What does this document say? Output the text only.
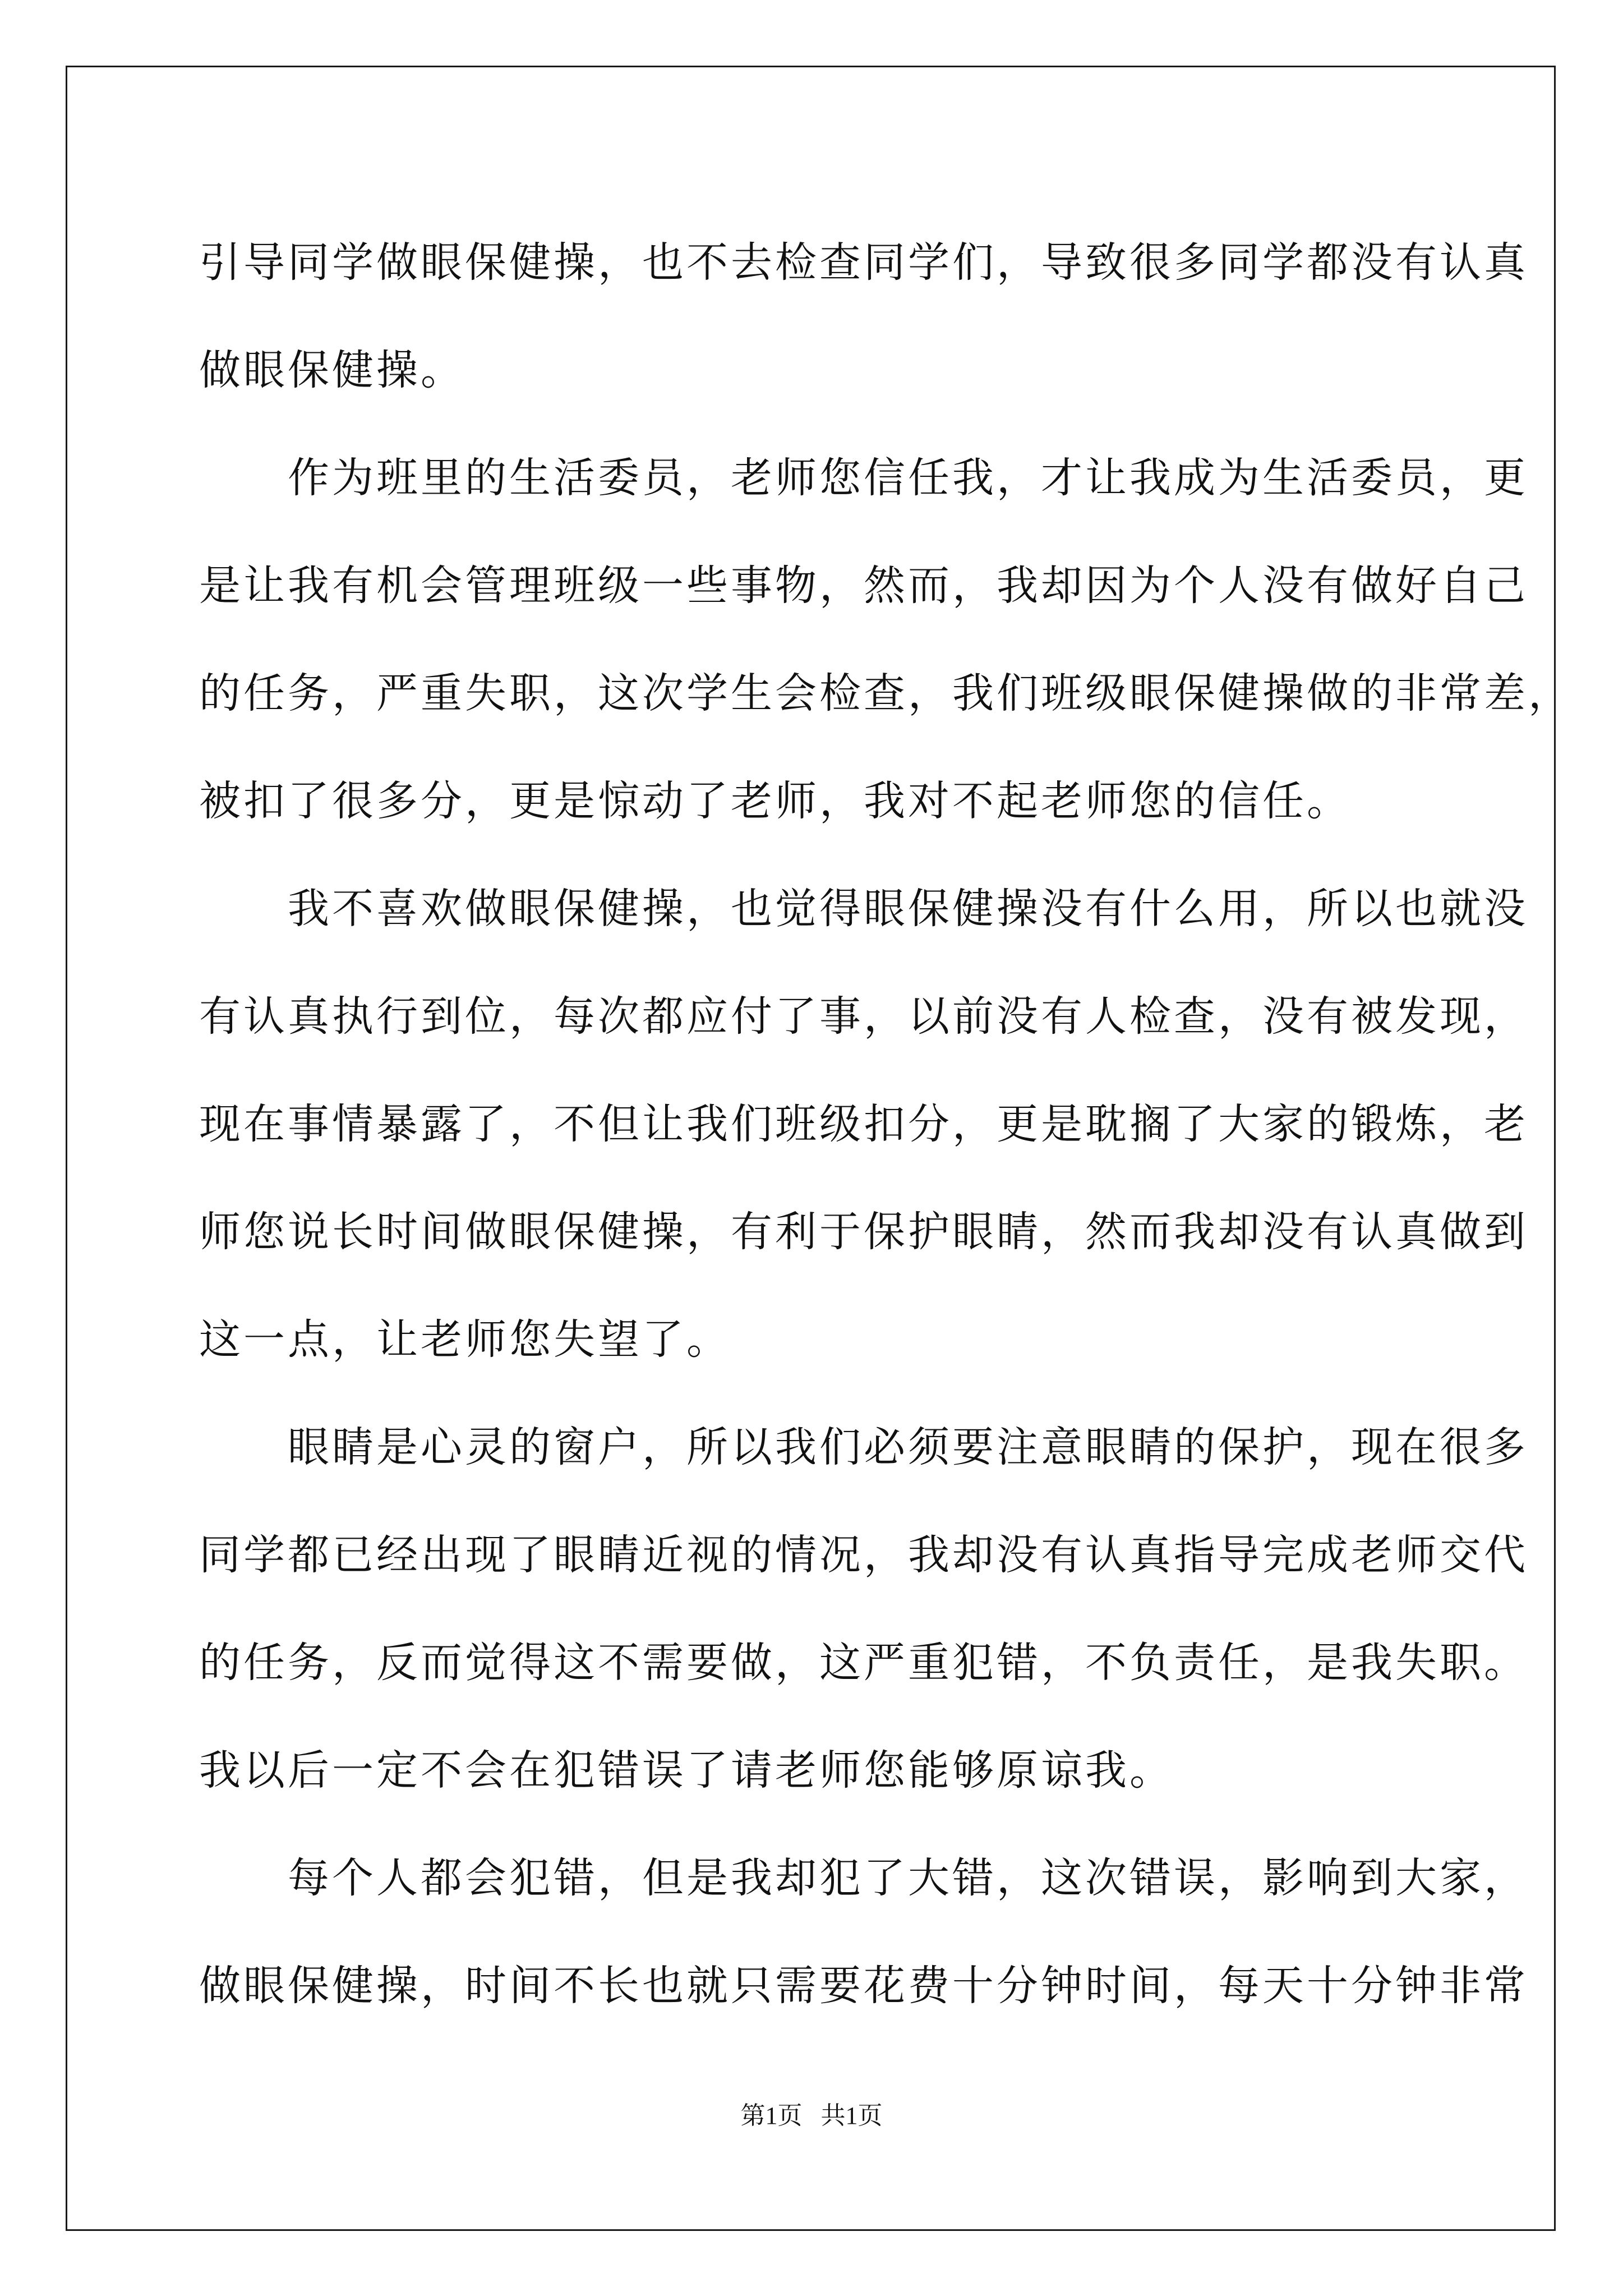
引导同学做眼保健操，也不去检查同学们，导致很多同学都没有认真
做眼保健操。
　　作为班里的生活委员，老师您信任我，才让我成为生活委员，更
是让我有机会管理班级一些事物，然而，我却因为个人没有做好自己
的任务，严重失职，这次学生会检查，我们班级眼保健操做的非常差，
被扣了很多分，更是惊动了老师，我对不起老师您的信任。
　　我不喜欢做眼保健操，也觉得眼保健操没有什么用，所以也就没
有认真执行到位，每次都应付了事，以前没有人检查，没有被发现，
现在事情暴露了，不但让我们班级扣分，更是耽搁了大家的锻炼，老
师您说长时间做眼保健操，有利于保护眼睛，然而我却没有认真做到
这一点，让老师您失望了。
　　眼睛是心灵的窗户，所以我们必须要注意眼睛的保护，现在很多
同学都已经出现了眼睛近视的情况，我却没有认真指导完成老师交代
的任务，反而觉得这不需要做，这严重犯错，不负责任，是我失职。
我以后一定不会在犯错误了请老师您能够原谅我。
　　每个人都会犯错，但是我却犯了大错，这次错误，影响到大家，
做眼保健操，时间不长也就只需要花费十分钟时间，每天十分钟非常
第1页   共1页
